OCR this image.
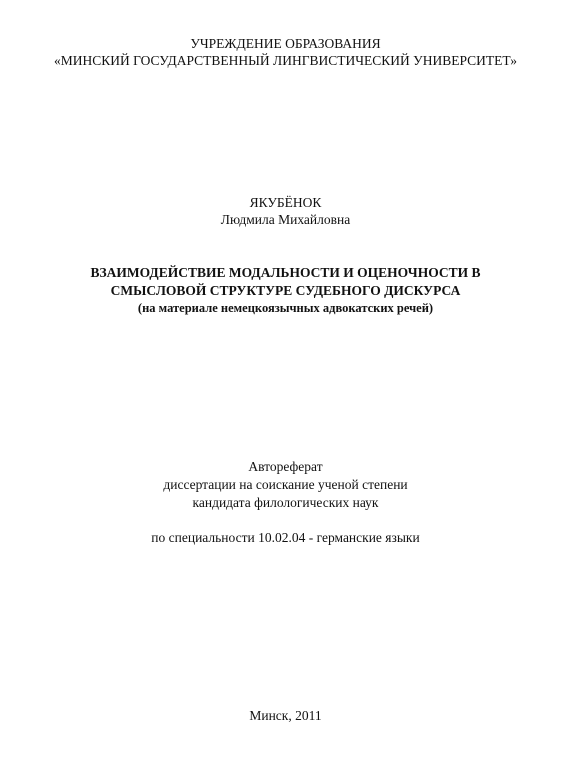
УЧРЕЖДЕНИЕ ОБРАЗОВАНИЯ
«МИНСКИЙ ГОСУДАРСТВЕННЫЙ ЛИНГВИСТИЧЕСКИЙ УНИВЕРСИТЕТ»
ЯКУБЁНОК
Людмила Михайловна
ВЗАИМОДЕЙСТВИЕ МОДАЛЬНОСТИ И ОЦЕНОЧНОСТИ В
СМЫСЛОВОЙ СТРУКТУРЕ СУДЕБНОГО ДИСКУРСА
(на материале немецкоязычных адвокатских речей)
Автореферат
диссертации на соискание ученой степени
кандидата филологических наук
по специальности 10.02.04 - германские языки
Минск, 2011
